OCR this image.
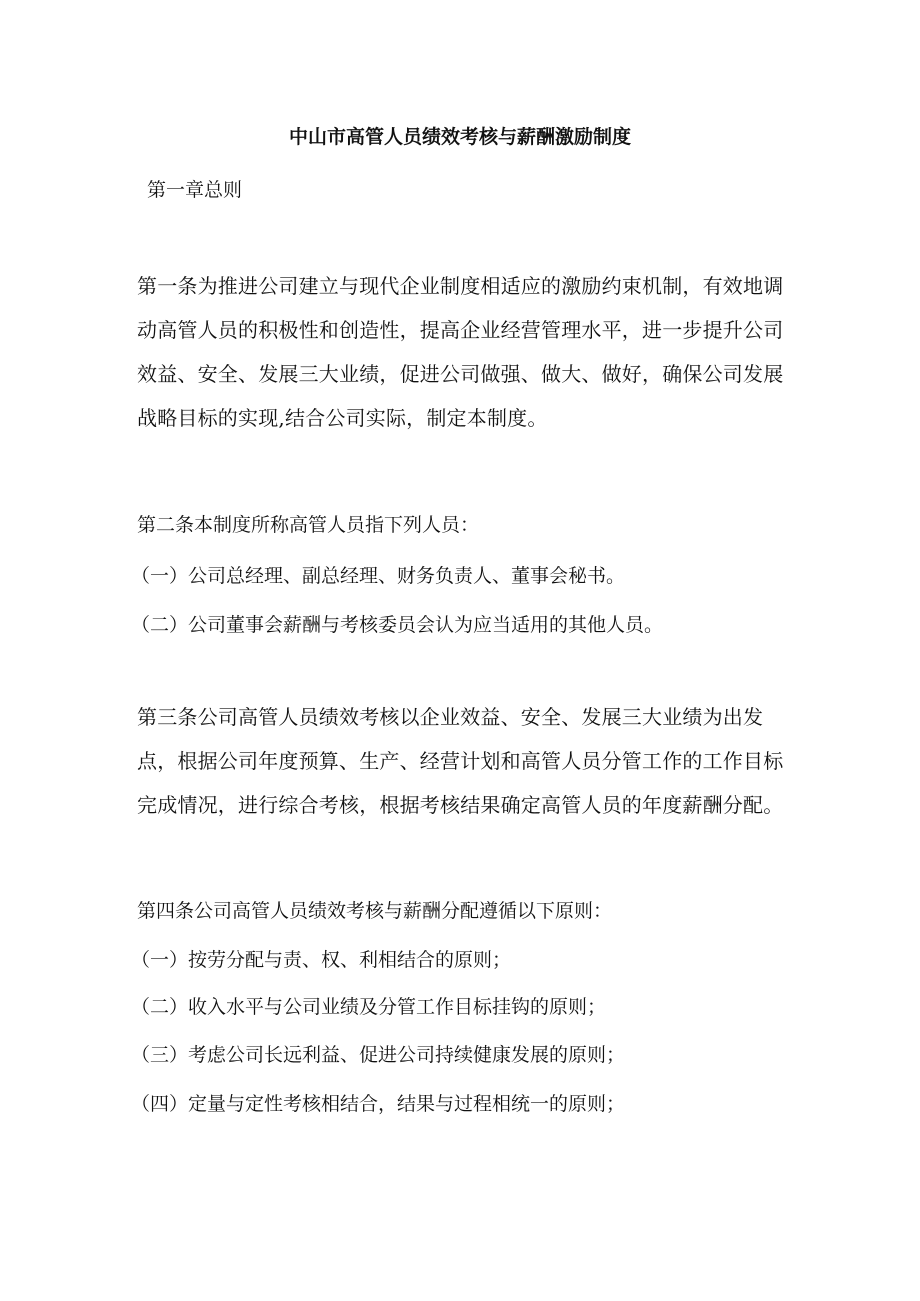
中山市高管人员绩效考核与薪酬激励制度

第一章总则

第一条为推进公司建立与现代企业制度相适应的激励约束机制，有效地调
动高管人员的积极性和创造性，提高企业经营管理水平，进一步提升公司
效益、安全、发展三大业绩，促进公司做强、做大、做好，确保公司发展
战略目标的实现,结合公司实际，制定本制度。

第二条本制度所称高管人员指下列人员：

（一）公司总经理、副总经理、财务负责人、董事会秘书。

（二）公司董事会薪酬与考核委员会认为应当适用的其他人员。

第三条公司高管人员绩效考核以企业效益、安全、发展三大业绩为出发
点，根据公司年度预算、生产、经营计划和高管人员分管工作的工作目标
完成情况，进行综合考核，根据考核结果确定高管人员的年度薪酬分配。

第四条公司高管人员绩效考核与薪酬分配遵循以下原则：

（一）按劳分配与责、权、利相结合的原则；

（二）收入水平与公司业绩及分管工作目标挂钩的原则；

（三）考虑公司长远利益、促进公司持续健康发展的原则；

（四）定量与定性考核相结合，结果与过程相统一的原则；
